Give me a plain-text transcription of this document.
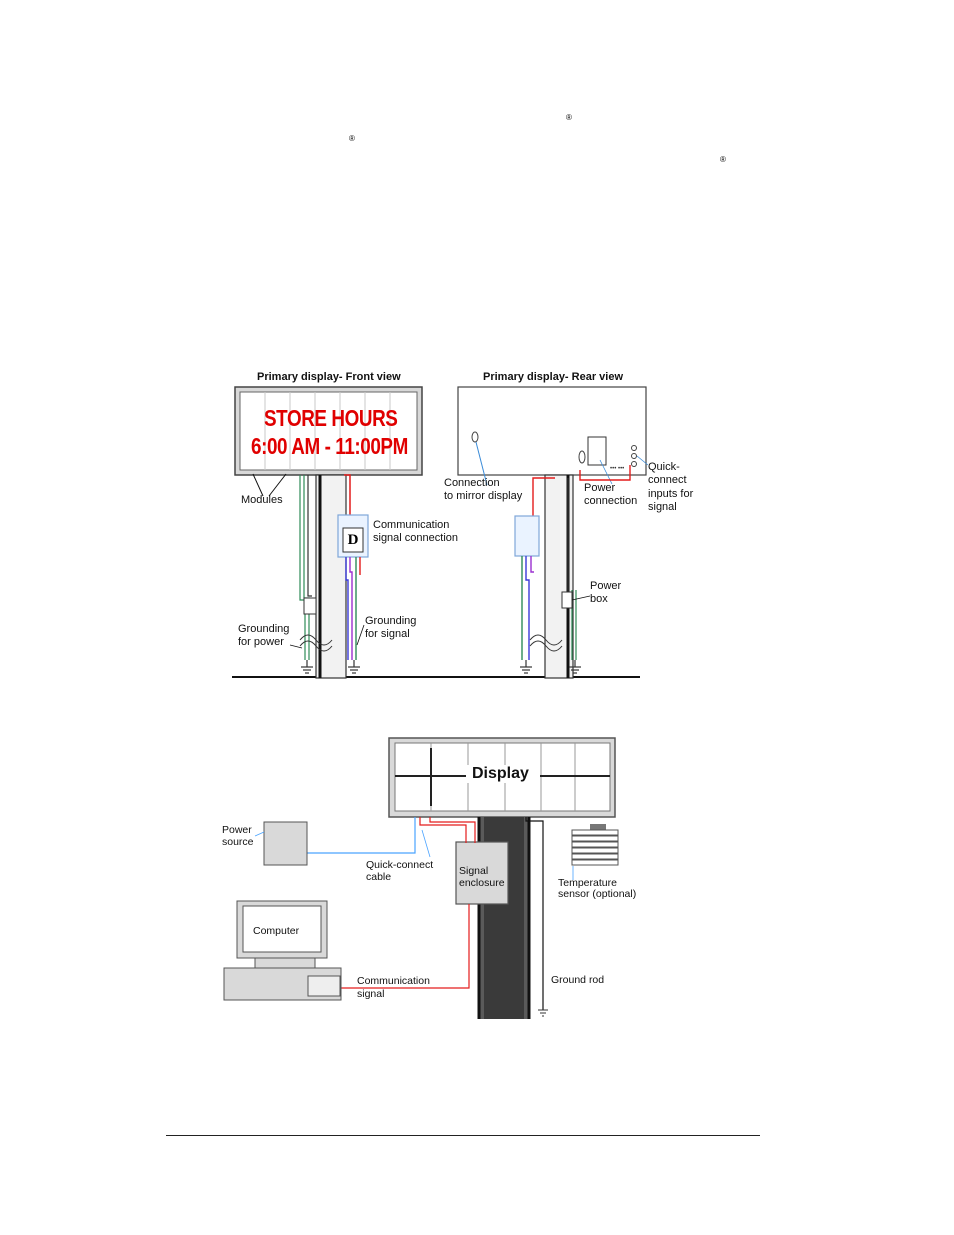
®
®
®
••• •••
Primary display- Front view	Primary display- Rear view
STORE HOURS
6:00 AM - 11:00PM
Modules
D
Communication
signal connection
Grounding
for power
Grounding
for signal
Connection
to mirror display
Power
connection
Quick-
connect
inputs for
signal
Power
box
Display
Power
source
Quick-connect
cable	Signal
enclosure	Temperature
sensor (optional)
Computer
Communication
signal
Ground rod
